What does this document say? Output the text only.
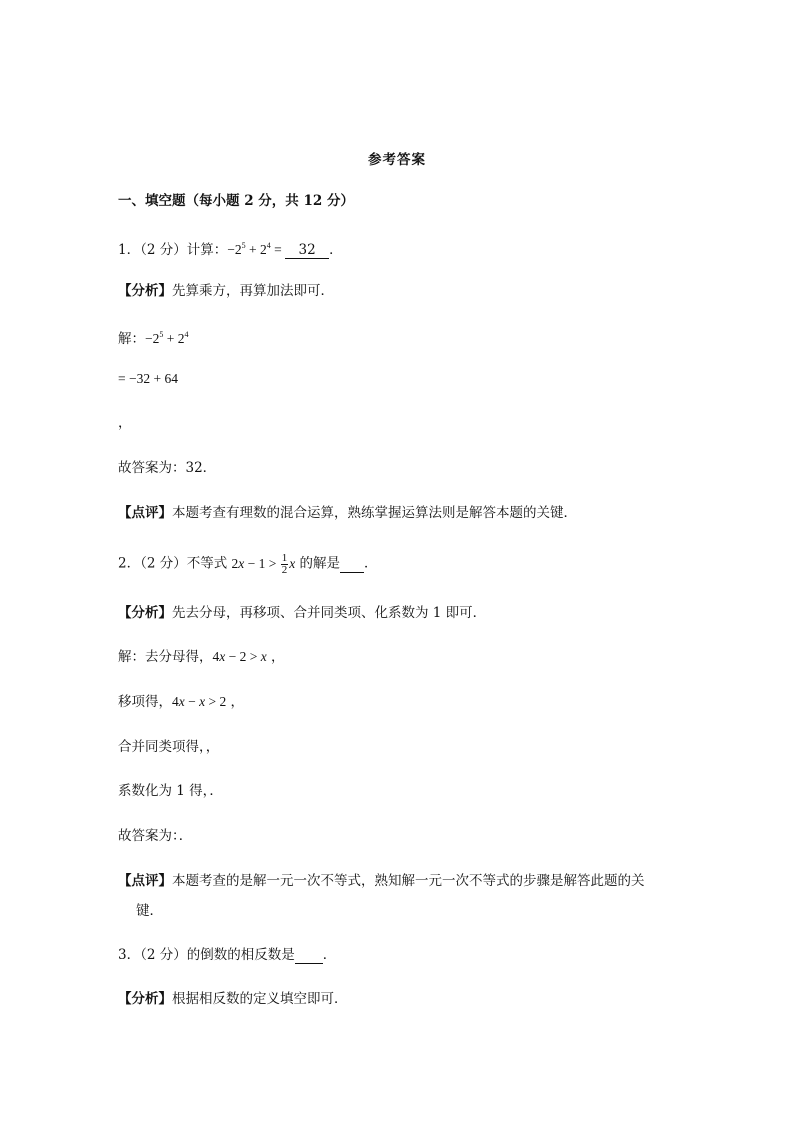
参考答案
一、填空题（每小题 2 分，共 12 分）
1．（2 分）计算：$-2^5 + 2^4 = 32$ ．
【分析】先算乘方，再算加法即可．
解：$-2^5 + 2^4$
= −32 + 64
，
故答案为：32．
【点评】本题考查有理数的混合运算，熟练掌握运算法则是解答本题的关键．
2．（2 分）不等式 $2x - 1 > \frac{1}{2}$ x 的解是 ．
【分析】先去分母，再移项、合并同类项、化系数为 1 即可．
解：去分母得，4x − 2 > x ，
移项得，4x − x > 2 ，
合并同类项得，，
系数化为 1 得，．
故答案为：．
【点评】本题考查的是解一元一次不等式，熟知解一元一次不等式的步骤是解答此题的关
键．
3．（2 分）的倒数的相反数是 ．
【分析】根据相反数的定义填空即可．
